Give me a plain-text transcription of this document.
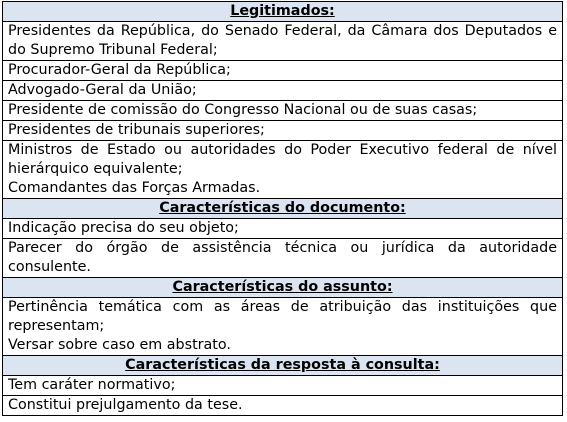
Legitimados:
Presidentes da República, do Senado Federal, da Câmara dos Deputados e do Supremo Tribunal Federal;
Procurador-Geral da República;
Advogado-Geral da União;
Presidente de comissão do Congresso Nacional ou de suas casas;
Presidentes de tribunais superiores;

Ministros de Estado ou autoridades do Poder Executivo federal de nível hierárquico equivalente;
Comandantes das Forças Armadas.

Características do documento:
Indicação precisa do seu objeto;
Parecer do órgão de assistência técnica ou jurídica da autoridade consulente.
Características do assunto:

Pertinência temática com as áreas de atribuição das instituições que representam;
Versar sobre caso em abstrato.

Características da resposta à consulta:
Tem caráter normativo;
Constitui prejulgamento da tese.
